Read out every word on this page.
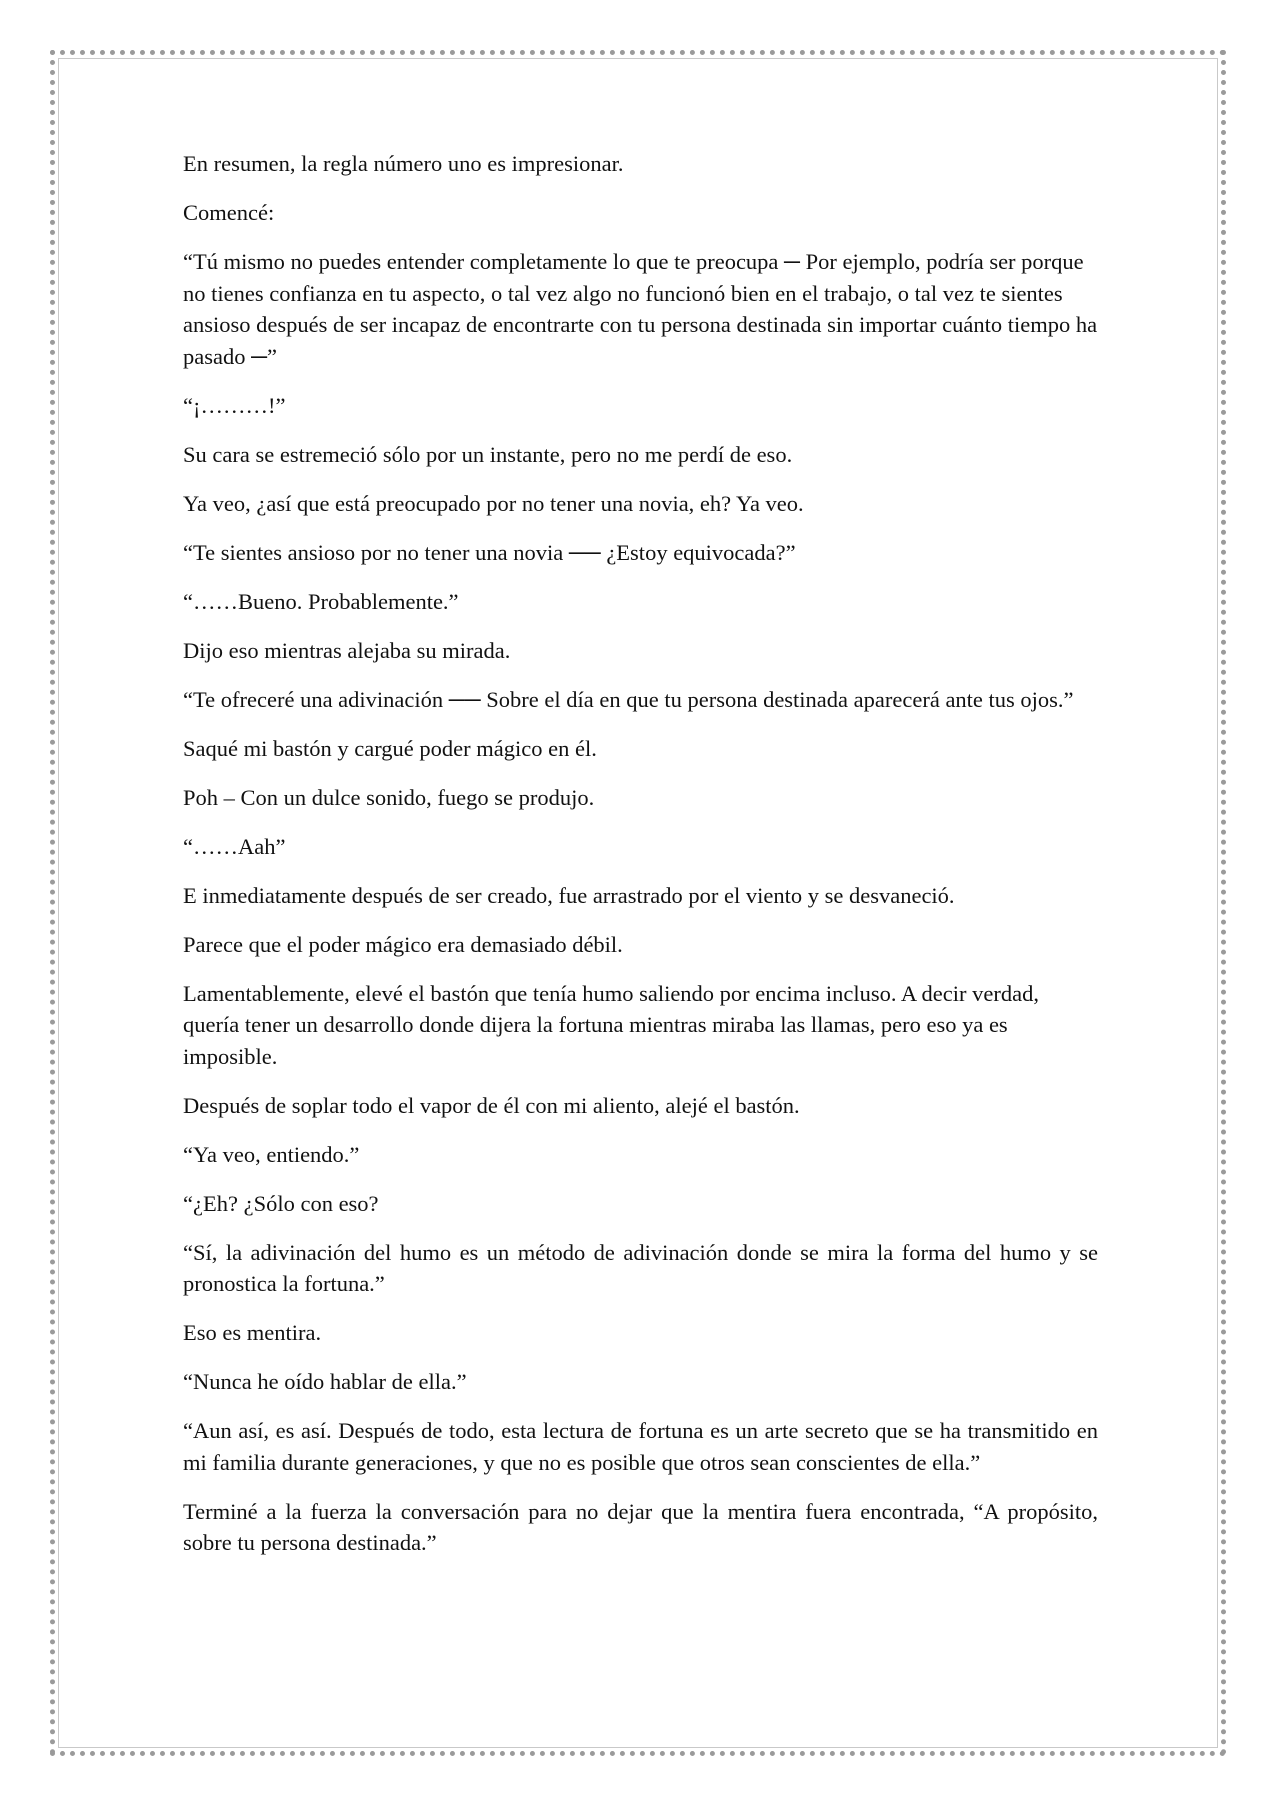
En resumen, la regla número uno es impresionar.

Comencé:

“Tú mismo no puedes entender completamente lo que te preocupa ─ Por ejemplo, podría ser porque no tienes confianza en tu aspecto, o tal vez algo no funcionó bien en el trabajo, o tal vez te sientes ansioso después de ser incapaz de encontrarte con tu persona destinada sin importar cuánto tiempo ha pasado ─”

“¡………!”

Su cara se estremeció sólo por un instante, pero no me perdí de eso.

Ya veo, ¿así que está preocupado por no tener una novia, eh? Ya veo.

“Te sientes ansioso por no tener una novia ── ¿Estoy equivocada?”

“……Bueno. Probablemente.”

Dijo eso mientras alejaba su mirada.

“Te ofreceré una adivinación ── Sobre el día en que tu persona destinada aparecerá ante tus ojos.”

Saqué mi bastón y cargué poder mágico en él.

Poh – Con un dulce sonido, fuego se produjo.

“……Aah”

E inmediatamente después de ser creado, fue arrastrado por el viento y se desvaneció.

Parece que el poder mágico era demasiado débil.

Lamentablemente, elevé el bastón que tenía humo saliendo por encima incluso. A decir verdad, quería tener un desarrollo donde dijera la fortuna mientras miraba las llamas, pero eso ya es imposible.

Después de soplar todo el vapor de él con mi aliento, alejé el bastón.

“Ya veo, entiendo.”

“¿Eh? ¿Sólo con eso?

“Sí, la adivinación del humo es un método de adivinación donde se mira la forma del humo y se pronostica la fortuna.”

Eso es mentira.

“Nunca he oído hablar de ella.”

“Aun así, es así. Después de todo, esta lectura de fortuna es un arte secreto que se ha transmitido en mi familia durante generaciones, y que no es posible que otros sean conscientes de ella.”

Terminé a la fuerza la conversación para no dejar que la mentira fuera encontrada, “A propósito, sobre tu persona destinada.”
